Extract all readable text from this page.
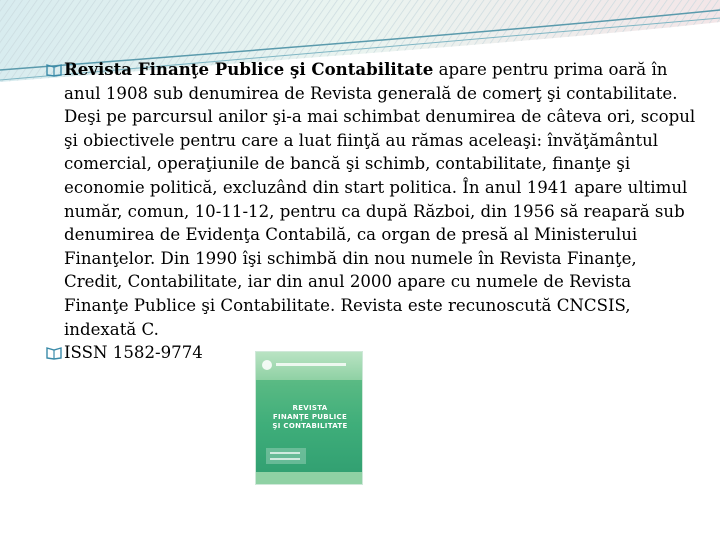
Revista Finanţe Publice şi Contabilitate apare pentru prima oară în anul 1908 sub denumirea de Revista generală de comerţ şi contabilitate. Deşi pe parcursul anilor şi-a mai schimbat denumirea de câteva ori, scopul şi obiectivele pentru care a luat fiinţă au rămas aceleaşi: învăţământul comercial, operaţiunile de bancă şi schimb, contabilitate, finanţe şi economie politică, excluzând din start politica. În anul 1941 apare ultimul număr, comun, 10-11-12, pentru ca după Război, din 1956 să reapară sub denumirea de Evidenţa Contabilă, ca organ de presă al Ministerului Finanţelor. Din 1990 îşi schimbă din nou numele în Revista Finanţe, Credit, Contabilitate, iar din anul 2000 apare cu numele de Revista Finanţe Publice şi Contabilitate. Revista este recunoscută CNCSIS, indexată C.
ISSN 1582-9774
REVISTA
FINANŢE PUBLICE
ŞI CONTABILITATE
